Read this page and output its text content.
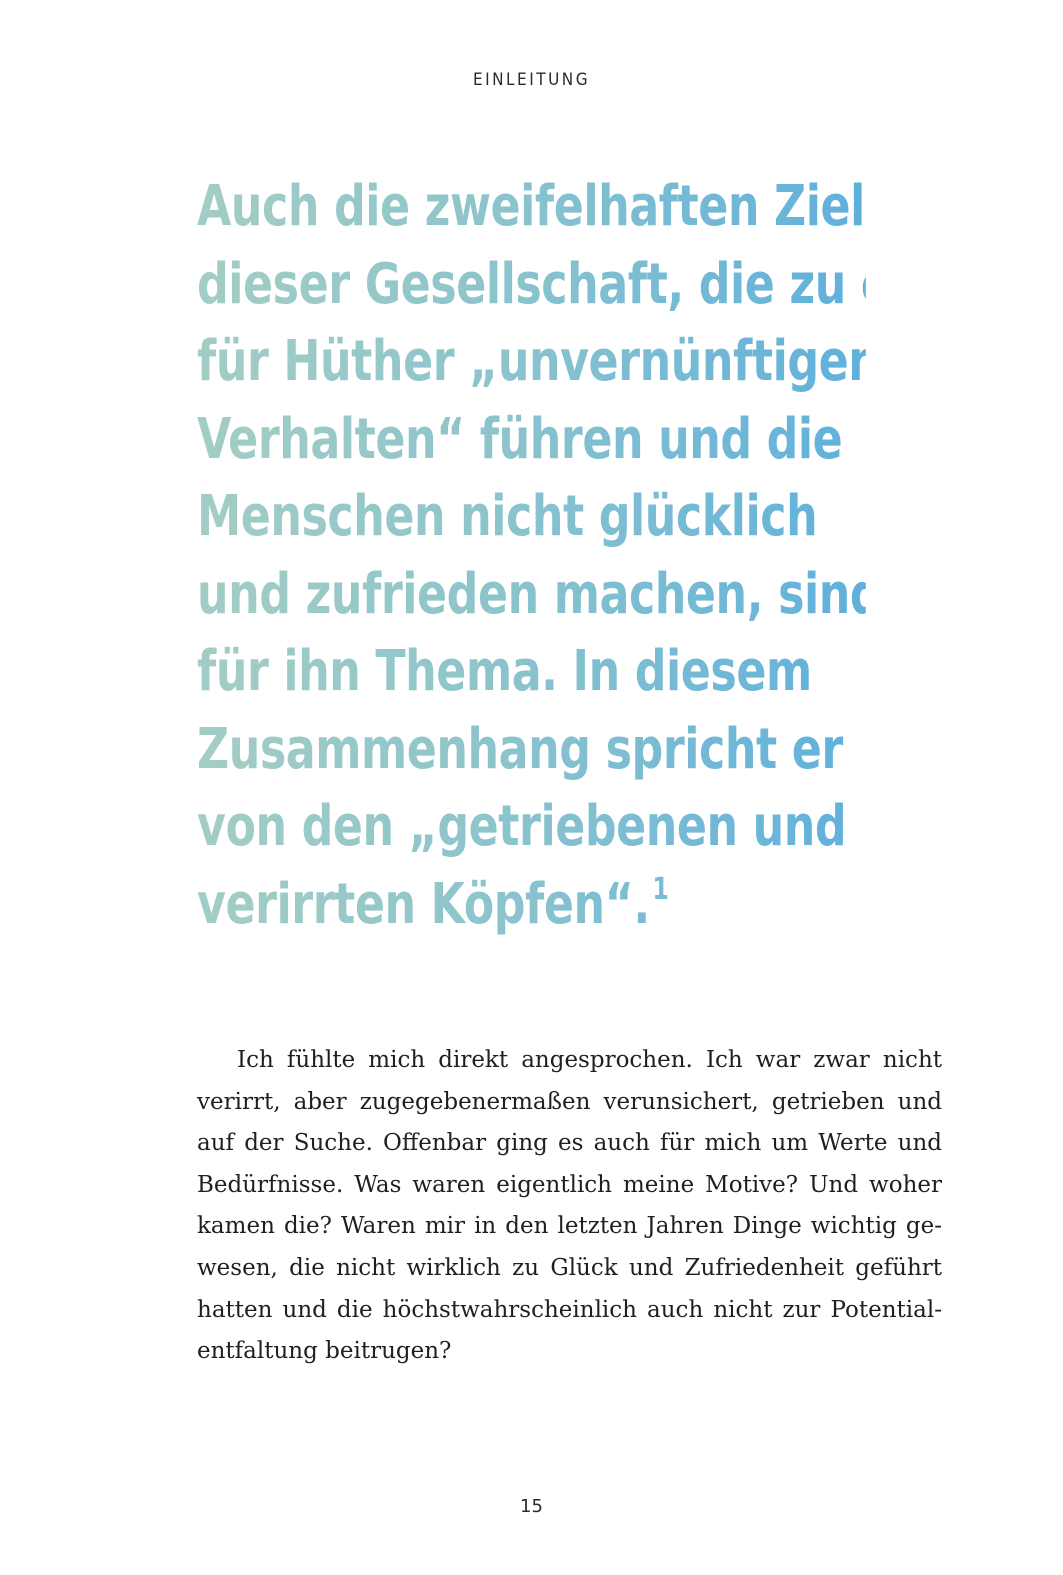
EINLEITUNG
Auch die zweifelhaften Ziele in
dieser Gesellschaft, die zu einem
für Hüther „unvernünftigen
Verhalten“ führen und die
Menschen nicht glücklich
und zufrieden machen, sind
für ihn Thema. In diesem
Zusammenhang spricht er
von den „getriebenen und
verirrten Köpfen“.$^1$
Ich fühlte mich direkt angesprochen. Ich war zwar nicht
verirrt, aber zugegebenermaßen verunsichert, getrieben und
auf der Suche. Offenbar ging es auch für mich um Werte und
Bedürfnisse. Was waren eigentlich meine Motive? Und woher
kamen die? Waren mir in den letzten Jahren Dinge wichtig ge-
wesen, die nicht wirklich zu Glück und Zufriedenheit geführt
hatten und die höchstwahrscheinlich auch nicht zur Potential-
entfaltung beitrugen?
15
